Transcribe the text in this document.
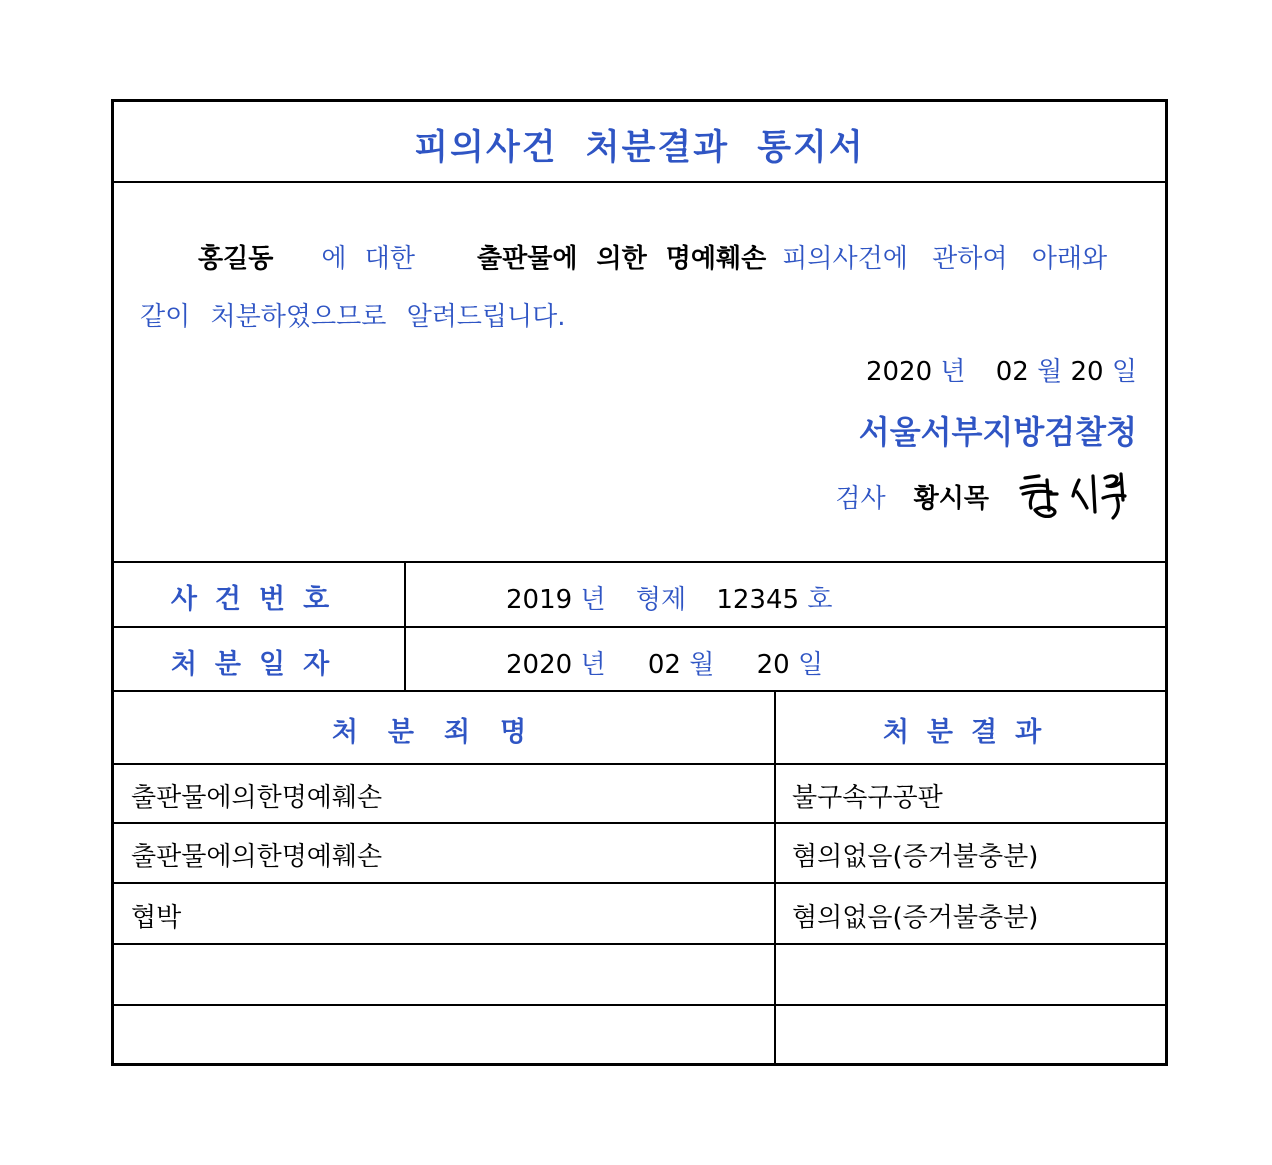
피의사건 처분결과 통지서
홍길동 에 대한 출판물에 의한 명예훼손 피의사건에 관하여 아래와
같이 처분하였으므로 알려드립니다.
2020 년 02 월 20 일
서울서부지방검찰청
검사 황시목
사건번호	2019 년 형제 12345 호
처분일자	2020 년 02 월 20 일
처분죄명	처분결과
출판물에의한명예훼손	불구속구공판
출판물에의한명예훼손	혐의없음(증거불충분)
협박	혐의없음(증거불충분)
